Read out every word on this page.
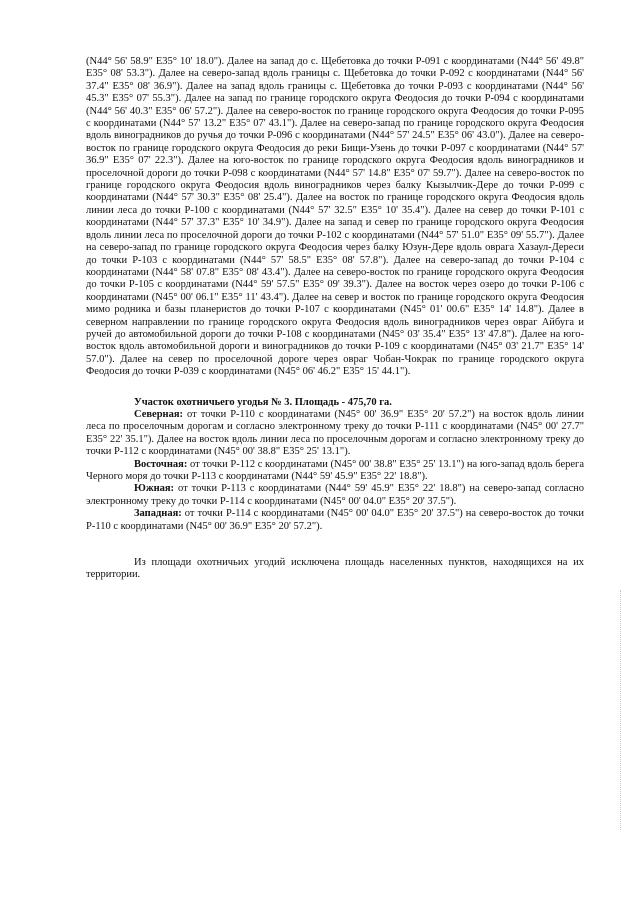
(N44° 56' 58.9" E35° 10' 18.0"). Далее на запад до с. Щебетовка до точки Р-091 с координатами (N44° 56' 49.8" E35° 08' 53.3"). Далее на северо-запад вдоль границы с. Щебетовка до точки Р-092 с координатами (N44° 56' 37.4" E35° 08' 36.9"). Далее на запад вдоль границы с. Щебетовка до точки Р-093 с координатами (N44° 56' 45.3" E35° 07' 55.3"). Далее на запад по границе городского округа Феодосия до точки Р-094 с координатами (N44° 56' 40.3" E35° 06' 57.2"). Далее на северо-восток по границе городского округа Феодосия до точки Р-095 с координатами (N44° 57' 13.2" E35° 07' 43.1"). Далее на северо-запад по границе городского округа Феодосия вдоль виноградников до ручья до точки Р-096 с координатами (N44° 57' 24.5" E35° 06' 43.0"). Далее на северо-восток по границе городского округа Феодосия до реки Бищи-Узень до точки Р-097 с координатами (N44° 57' 36.9" E35° 07' 22.3"). Далее на юго-восток по границе городского округа Феодосия вдоль виноградников и проселочной дороги до точки Р-098 с координатами (N44° 57' 14.8" E35° 07' 59.7"). Далее на северо-восток по границе городского округа Феодосия вдоль виноградников через балку Кызылчик-Дере до точки Р-099 с координатами (N44° 57' 30.3" E35° 08' 25.4"). Далее на восток по границе городского округа Феодосия вдоль линии леса до точки Р-100 с координатами (N44° 57' 32.5" E35° 10' 35.4"). Далее на север до точки Р-101 с координатами (N44° 57' 37.3" E35° 10' 34.9"). Далее на запад и север по границе городского округа Феодосия вдоль линии леса по проселочной дороги до точки Р-102 с координатами (N44° 57' 51.0" E35° 09' 55.7"). Далее на северо-запад по границе городского округа Феодосия через балку Юзун-Дере вдоль оврага Хазаул-Дереси до точки Р-103 с координатами (N44° 57' 58.5" E35° 08' 57.8"). Далее на северо-запад до точки Р-104 с координатами (N44° 58' 07.8" E35° 08' 43.4"). Далее на северо-восток по границе городского округа Феодосия до точки Р-105 с координатами (N44° 59' 57.5" E35° 09' 39.3"). Далее на восток через озеро до точки Р-106 с координатами (N45° 00' 06.1" E35° 11' 43.4"). Далее на север и восток по границе городского округа Феодосия мимо родника и базы планеристов до точки Р-107 с координатами (N45° 01' 00.6" E35° 14' 14.8"). Далее в северном направлении по границе городского округа Феодосия вдоль виноградников через овраг Айбуга и ручей до автомобильной дороги до точки Р-108 с координатами (N45° 03' 35.4" E35° 13' 47.8"). Далее на юго-восток вдоль автомобильной дороги и виноградников до точки Р-109 с координатами (N45° 03' 21.7" E35° 14' 57.0"). Далее на север по проселочной дороге через овраг Чобан-Чокрак по границе городского округа Феодосия до точки Р-039 с координатами (N45° 06' 46.2" E35° 15' 44.1").

Участок охотничьего угодья № 3. Площадь - 475,70 га.

Северная: от точки Р-110 с координатами (N45° 00' 36.9" E35° 20' 57.2") на восток вдоль линии леса по проселочным дорогам и согласно электронному треку до точки Р-111 с координатами (N45° 00' 27.7" E35° 22' 35.1"). Далее на восток вдоль линии леса по проселочным дорогам и согласно электронному треку до точки Р-112 с координатами (N45° 00' 38.8" E35° 25' 13.1").

Восточная: от точки Р-112 с координатами (N45° 00' 38.8" E35° 25' 13.1") на юго-запад вдоль берега Черного моря до точки Р-113 с координатами (N44° 59' 45.9" E35° 22' 18.8").

Южная: от точки Р-113 с координатами (N44° 59' 45.9" E35° 22' 18.8") на северо-запад согласно электронному треку до точки Р-114 с координатами (N45° 00' 04.0" E35° 20' 37.5").

Западная: от точки Р-114 с координатами (N45° 00' 04.0" E35° 20' 37.5") на северо-восток до точки Р-110 с координатами (N45° 00' 36.9" E35° 20' 57.2").

Из площади охотничьих угодий исключена площадь населенных пунктов, находящихся на их территории.
